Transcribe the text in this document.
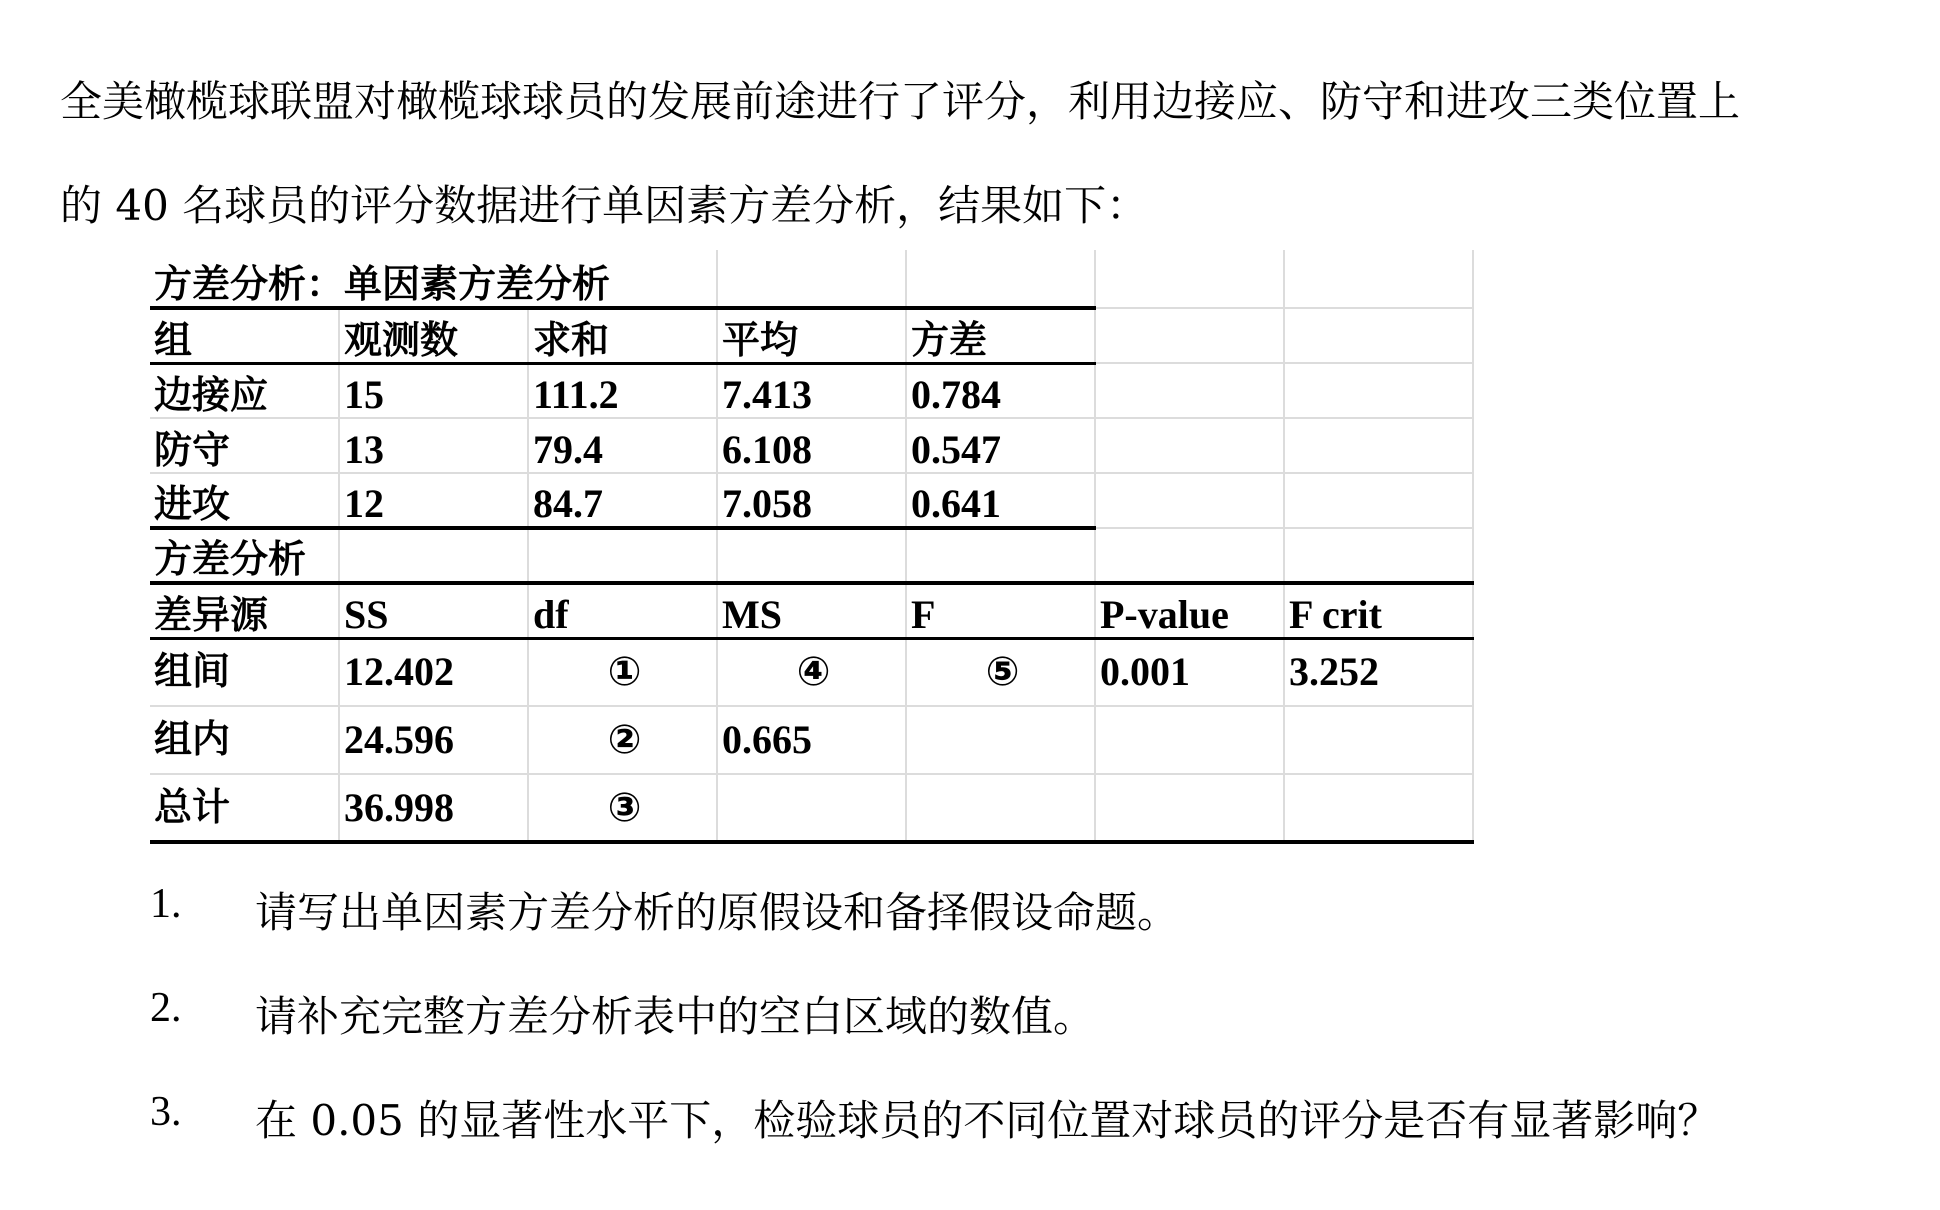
全美橄榄球联盟对橄榄球球员的发展前途进行了评分，利用边接应、防守和进攻三类位置上
的 40 名球员的评分数据进行单因素方差分析，结果如下：
方差分析：单因素方差分析						
组	观测数	求和	平均	方差		
边接应	15	111.2	7.413	0.784		
防守	13	79.4	6.108	0.547		
进攻	12	84.7	7.058	0.641		
方差分析						
差异源	SS	df	MS	F	P-value	F crit
组间	12.402	①	④	⑤	0.001	3.252
组内	24.596	②	0.665			
总计	36.998	③				
1.	请写出单因素方差分析的原假设和备择假设命题。
2.	请补充完整方差分析表中的空白区域的数值。
3.	在 0.05 的显著性水平下，检验球员的不同位置对球员的评分是否有显著影响？
